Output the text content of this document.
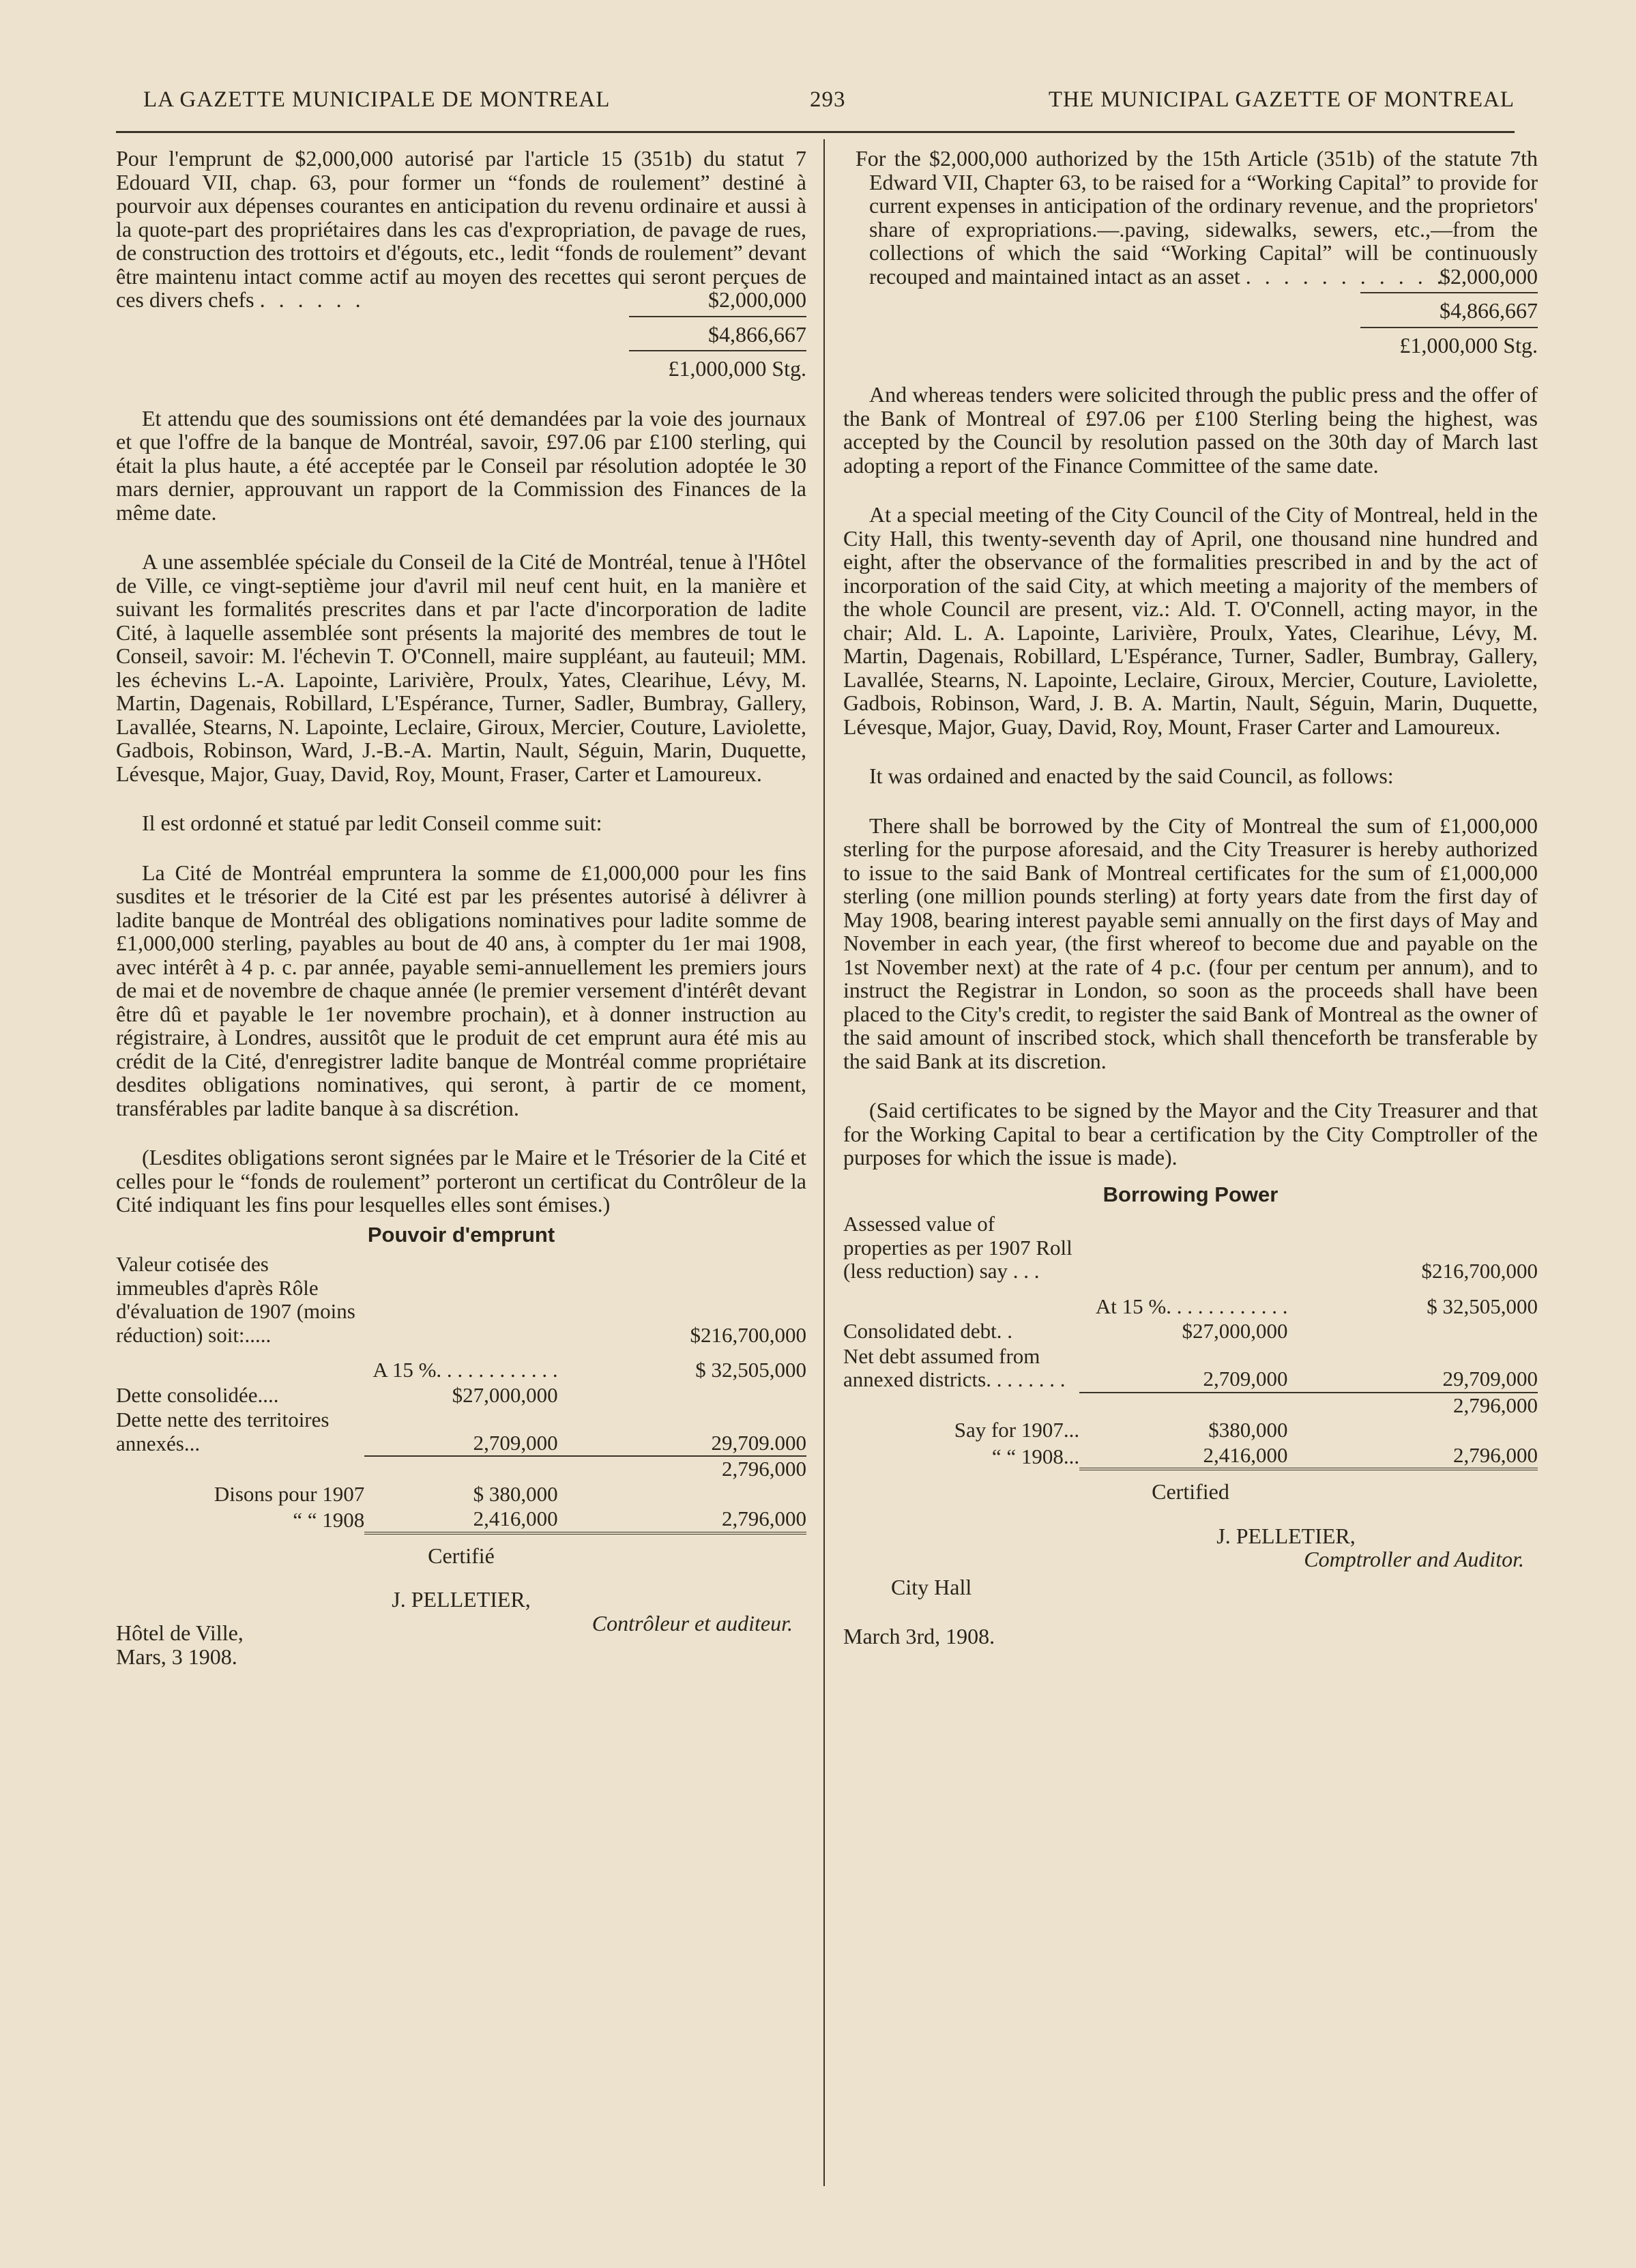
LA GAZETTE MUNICIPALE DE MONTREAL	293	THE MUNICIPAL GAZETTE OF MONTREAL

Pour l'emprunt de $2,000,000 autorisé par l'article 15 (351b) du statut 7 Edouard VII, chap. 63, pour former un “fonds de roulement” destiné à pourvoir aux dépenses courantes en anticipation du revenu ordinaire et aussi à la quote-part des propriétaires dans les cas d'expropriation, de pavage de rues, de construction des trottoirs et d'égouts, etc., ledit “fonds de roulement” devant être maintenu intact comme actif au moyen des recettes qui seront perçues de ces divers chefs . . . . . .	$2,000,000

$4,866,667
£1,000,000 Stg.

Et attendu que des soumissions ont été demandées par la voie des journaux et que l'offre de la banque de Montréal, savoir, £97.06 par £100 sterling, qui était la plus haute, a été acceptée par le Conseil par résolution adoptée le 30 mars dernier, approuvant un rapport de la Commission des Finances de la même date.

A une assemblée spéciale du Conseil de la Cité de Montréal, tenue à l'Hôtel de Ville, ce vingt-septième jour d'avril mil neuf cent huit, en la manière et suivant les formalités prescrites dans et par l'acte d'incorporation de ladite Cité, à laquelle assemblée sont présents la majorité des membres de tout le Conseil, savoir: M. l'échevin T. O'Connell, maire suppléant, au fauteuil; MM. les échevins L.-A. Lapointe, Larivière, Proulx, Yates, Clearihue, Lévy, M. Martin, Dagenais, Robillard, L'Espérance, Turner, Sadler, Bumbray, Gallery, Lavallée, Stearns, N. Lapointe, Leclaire, Giroux, Mercier, Couture, Laviolette, Gadbois, Robinson, Ward, J.-B.-A. Martin, Nault, Séguin, Marin, Duquette, Lévesque, Major, Guay, David, Roy, Mount, Fraser, Carter et Lamoureux.

Il est ordonné et statué par ledit Conseil comme suit:

La Cité de Montréal empruntera la somme de £1,000,000 pour les fins susdites et le trésorier de la Cité est par les présentes autorisé à délivrer à ladite banque de Montréal des obligations nominatives pour ladite somme de £1,000,000 sterling, payables au bout de 40 ans, à compter du 1er mai 1908, avec intérêt à 4 p. c. par année, payable semi-annuellement les premiers jours de mai et de novembre de chaque année (le premier versement d'intérêt devant être dû et payable le 1er novembre prochain), et à donner instruction au régistraire, à Londres, aussitôt que le produit de cet emprunt aura été mis au crédit de la Cité, d'enregistrer ladite banque de Montréal comme propriétaire desdites obligations nominatives, qui seront, à partir de ce moment, transférables par ladite banque à sa discrétion.

(Lesdites obligations seront signées par le Maire et le Trésorier de la Cité et celles pour le “fonds de roulement” porteront un certificat du Contrôleur de la Cité indiquant les fins pour lesquelles elles sont émises.)

Pouvoir d'emprunt
Valeur cotisée des immeubles d'après Rôle d'évaluation de 1907 (moins réduction) soit:.....		$216,700,000
	A 15 %. . . . . . . . . . . .	$ 32,505,000
Dette consolidée....	$27,000,000	
Dette nette des territoires annexés...	2,709,000	29,709.000
		2,796,000
Disons pour 1907	$ 380,000	
“ “ 1908	2,416,000	2,796,000

Certifié
J. PELLETIER,
Contrôleur et auditeur.
Hôtel de Ville,
Mars, 3 1908.

For the $2,000,000 authorized by the 15th Article (351b) of the statute 7th Edward VII, Chapter 63, to be raised for a “Working Capital” to provide for current expenses in anticipation of the ordinary revenue, and the proprietors' share of expropriations.—.paving, sidewalks, sewers, etc.,—from the collections of which the said “Working Capital” will be continuously recouped and maintained intact as an asset . . . . . . . . . . .
$2,000,000

$4,866,667
£1,000,000 Stg.

And whereas tenders were solicited through the public press and the offer of the Bank of Montreal of £97.06 per £100 Sterling being the highest, was accepted by the Council by resolution passed on the 30th day of March last adopting a report of the Finance Committee of the same date.

At a special meeting of the City Council of the City of Montreal, held in the City Hall, this twenty-seventh day of April, one thousand nine hundred and eight, after the observance of the formalities prescribed in and by the act of incorporation of the said City, at which meeting a majority of the members of the whole Council are present, viz.: Ald. T. O'Connell, acting mayor, in the chair; Ald. L. A. Lapointe, Larivière, Proulx, Yates, Clearihue, Lévy, M. Martin, Dagenais, Robillard, L'Espérance, Turner, Sadler, Bumbray, Gallery, Lavallée, Stearns, N. Lapointe, Leclaire, Giroux, Mercier, Couture, Laviolette, Gadbois, Robinson, Ward, J. B. A. Martin, Nault, Séguin, Marin, Duquette, Lévesque, Major, Guay, David, Roy, Mount, Fraser Carter and Lamoureux.

It was ordained and enacted by the said Council, as follows:

There shall be borrowed by the City of Montreal the sum of £1,000,000 sterling for the purpose aforesaid, and the City Treasurer is hereby authorized to issue to the said Bank of Montreal certificates for the sum of £1,000,000 sterling (one million pounds sterling) at forty years date from the first day of May 1908, bearing interest payable semi annually on the first days of May and November in each year, (the first whereof to become due and payable on the 1st November next) at the rate of 4 p.c. (four per centum per annum), and to instruct the Registrar in London, so soon as the proceeds shall have been placed to the City's credit, to register the said Bank of Montreal as the owner of the said amount of inscribed stock, which shall thenceforth be transferable by the said Bank at its discretion.

(Said certificates to be signed by the Mayor and the City Treasurer and that for the Working Capital to bear a certification by the City Comptroller of the purposes for which the issue is made).

Borrowing Power
Assessed value of properties as per 1907 Roll (less reduction) say . . .		$216,700,000
	At 15 %. . . . . . . . . . . .	$ 32,505,000
Consolidated debt. .	$27,000,000	
Net debt assumed from annexed districts. . . . . . . .	2,709,000	29,709,000
		2,796,000
Say for 1907...	$380,000	
“ “ 1908...	2,416,000	2,796,000

Certified
J. PELLETIER,
Comptroller and Auditor.
City Hall
March 3rd, 1908.
